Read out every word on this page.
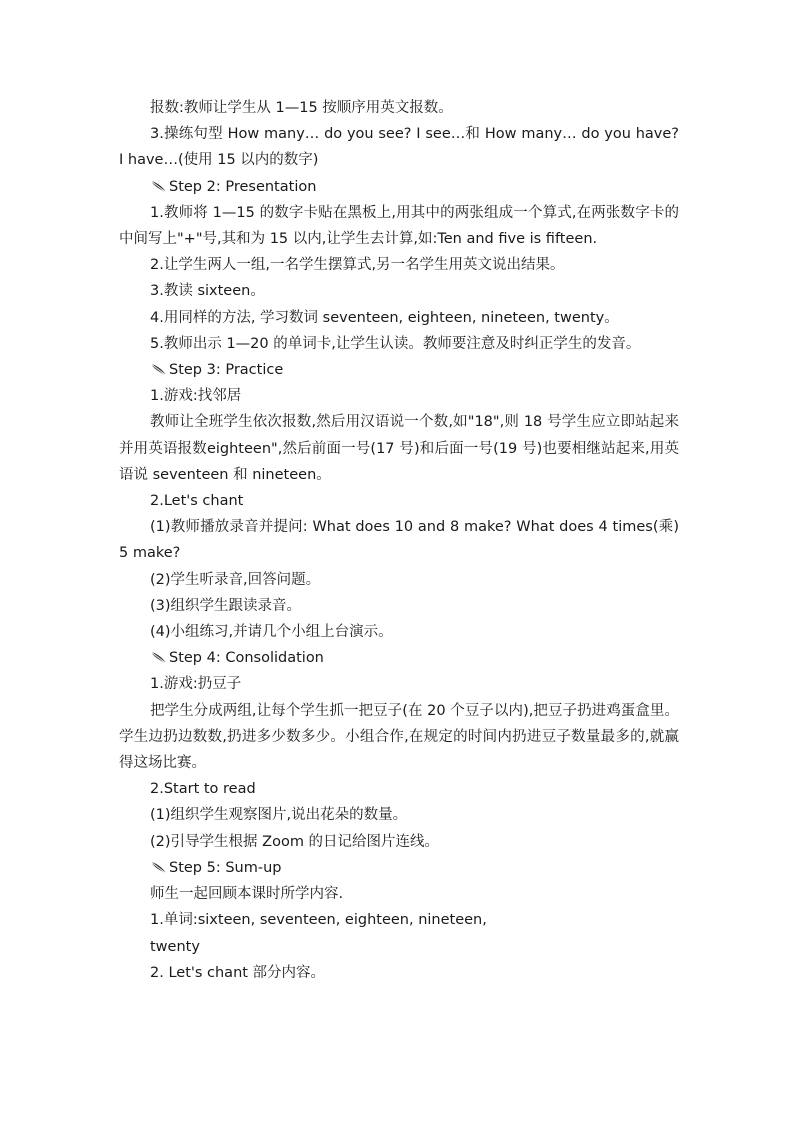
报数:教师让学生从 1—15 按顺序用英文报数。

3.操练句型 How many… do you see? I see…和 How many… do you have? I have…(使用 15 以内的数字)

Step 2: Presentation

1.教师将 1—15 的数字卡贴在黑板上,用其中的两张组成一个算式,在两张数字卡的中间写上"+"号,其和为 15 以内,让学生去计算,如:Ten and five is fifteen.

2.让学生两人一组,一名学生摆算式,另一名学生用英文说出结果。

3.教读 sixteen。

4.用同样的方法, 学习数词 seventeen, eighteen, nineteen, twenty。

5.教师出示 1—20 的单词卡,让学生认读。教师要注意及时纠正学生的发音。

Step 3: Practice

1.游戏:找邻居

教师让全班学生依次报数,然后用汉语说一个数,如"18",则 18 号学生应立即站起来并用英语报数eighteen",然后前面一号(17 号)和后面一号(19 号)也要相继站起来,用英语说 seventeen 和 nineteen。

2.Let's chant

(1)教师播放录音并提问: What does 10 and 8 make? What does 4 times(乘) 5 make?

(2)学生听录音,回答问题。

(3)组织学生跟读录音。

(4)小组练习,并请几个小组上台演示。

Step 4: Consolidation

1.游戏:扔豆子

把学生分成两组,让每个学生抓一把豆子(在 20 个豆子以内),把豆子扔进鸡蛋盒里。学生边扔边数数,扔进多少数多少。小组合作,在规定的时间内扔进豆子数量最多的,就赢得这场比赛。

2.Start to read

(1)组织学生观察图片,说出花朵的数量。

(2)引导学生根据 Zoom 的日记给图片连线。

Step 5: Sum-up

师生一起回顾本课时所学内容.

1.单词:sixteen, seventeen, eighteen, nineteen,

twenty

2. Let's chant 部分内容。
